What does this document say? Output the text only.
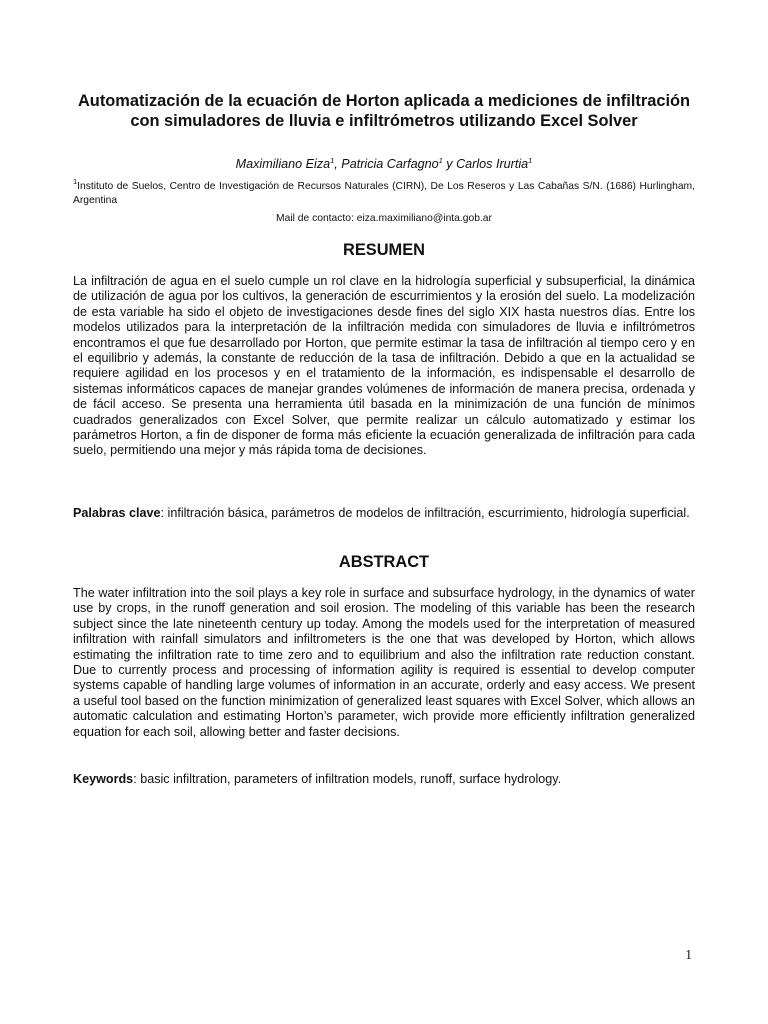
Automatización de la ecuación de Horton aplicada a mediciones de infiltración con simuladores de lluvia e infiltrómetros utilizando Excel Solver
Maximiliano Eiza$^1$, Patricia Carfagno$^1$ y Carlos Irurtia$^1$
$^1$Instituto de Suelos, Centro de Investigación de Recursos Naturales (CIRN), De Los Reseros y Las Cabañas S/N. (1686) Hurlingham, Argentina
Mail de contacto: eiza.maximiliano@inta.gob.ar
RESUMEN
La infiltración de agua en el suelo cumple un rol clave en la hidrología superficial y subsuperficial, la dinámica de utilización de agua por los cultivos, la generación de escurrimientos y la erosión del suelo. La modelización de esta variable ha sido el objeto de investigaciones desde fines del siglo XIX hasta nuestros días. Entre los modelos utilizados para la interpretación de la infiltración medida con simuladores de lluvia e infiltrómetros encontramos el que fue desarrollado por Horton, que permite estimar la tasa de infiltración al tiempo cero y en el equilibrio y además, la constante de reducción de la tasa de infiltración. Debido a que en la actualidad se requiere agilidad en los procesos y en el tratamiento de la información, es indispensable el desarrollo de sistemas informáticos capaces de manejar grandes volúmenes de información de manera precisa, ordenada y de fácil acceso. Se presenta una herramienta útil basada en la minimización de una función de mínimos cuadrados generalizados con Excel Solver, que permite realizar un cálculo automatizado y estimar los parámetros Horton, a fin de disponer de forma más eficiente la ecuación generalizada de infiltración para cada suelo, permitiendo una mejor y más rápida toma de decisiones.
Palabras clave: infiltración básica, parámetros de modelos de infiltración, escurrimiento, hidrología superficial.
ABSTRACT
The water infiltration into the soil plays a key role in surface and subsurface hydrology, in the dynamics of water use by crops, in the runoff generation and soil erosion. The modeling of this variable has been the research subject since the late nineteenth century up today. Among the models used for the interpretation of measured infiltration with rainfall simulators and infiltrometers is the one that was developed by Horton, which allows estimating the infiltration rate to time zero and to equilibrium and also the infiltration rate reduction constant. Due to currently process and processing of information agility is required is essential to develop computer systems capable of handling large volumes of information in an accurate, orderly and easy access. We present a useful tool based on the function minimization of generalized least squares with Excel Solver, which allows an automatic calculation and estimating Horton’s parameter, wich provide more efficiently infiltration generalized equation for each soil, allowing better and faster decisions.
Keywords: basic infiltration, parameters of infiltration models, runoff, surface hydrology.
1
